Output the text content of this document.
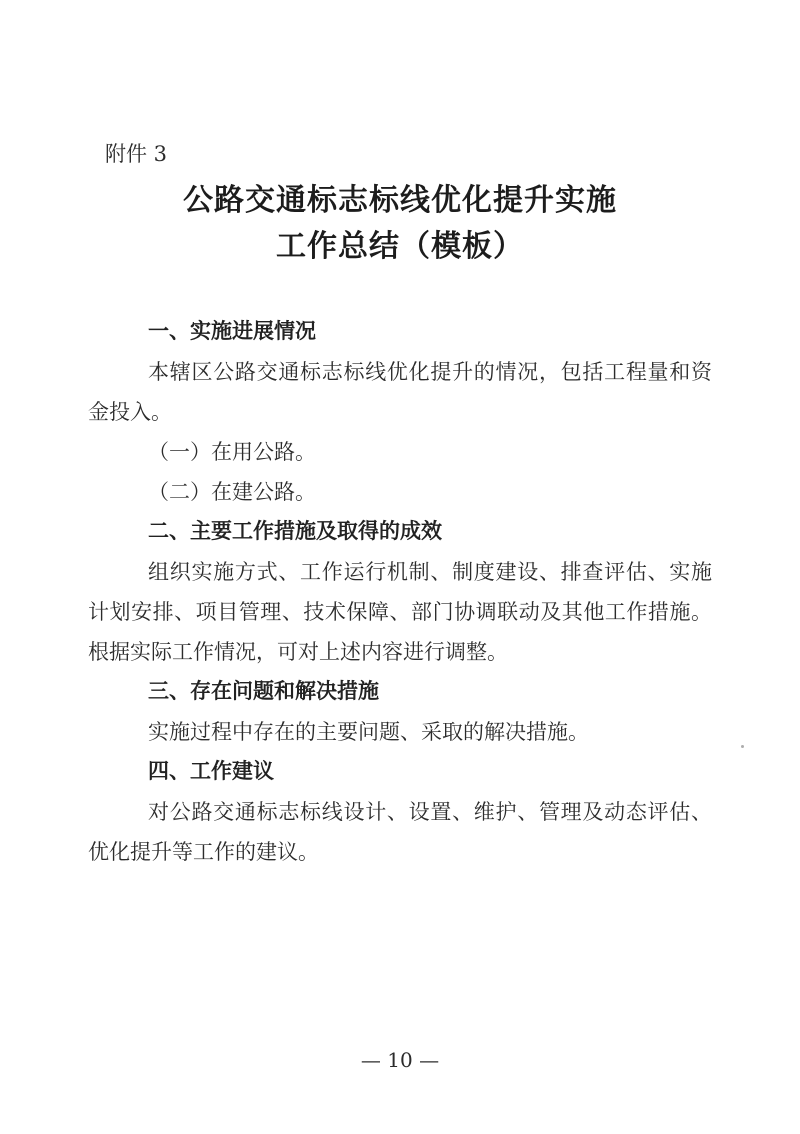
附件 3
公路交通标志标线优化提升实施
工作总结（模板）
一、实施进展情况

本辖区公路交通标志标线优化提升的情况，包括工程量和资金投入。

（一）在用公路。

（二）在建公路。

二、主要工作措施及取得的成效

组织实施方式、工作运行机制、制度建设、排查评估、实施计划安排、项目管理、技术保障、部门协调联动及其他工作措施。根据实际工作情况，可对上述内容进行调整。

三、存在问题和解决措施

实施过程中存在的主要问题、采取的解决措施。

四、工作建议

对公路交通标志标线设计、设置、维护、管理及动态评估、优化提升等工作的建议。

— 10 —
